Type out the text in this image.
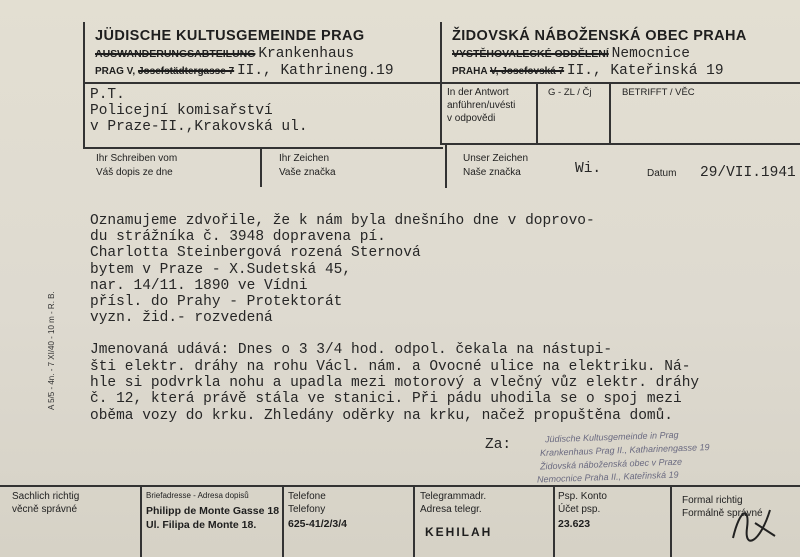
JÜDISCHE KULTUSGEMEINDE PRAG
AUSWANDERUNGSABTEILUNG Krankenhaus
PRAG V, Josefstädtergasse 7 II., Kathrineng.19
ŽIDOVSKÁ NÁBOŽENSKÁ OBEC PRAHA
VYSTĚHOVALECKÉ ODDĚLENÍ Nemocnice
PRAHA V, Josefovská 7 II., Kateřinská 19
P.T.
Policejní komisařství
v Praze-II.,Krakovská ul.
In der Antwort
anführen/uvésti
v odpovědi
G - ZL / Čj	BETRIFFT / VĚC
Ihr Schreiben vom
Váš dopis ze dne
Ihr Zeichen
Vaše značka
Unser Zeichen
Naše značka	Wi.	Datum 29/VII.1941
Oznamujeme zdvořile, že k nám byla dnešního dne v doprovo-
du strážníka č. 3948 dopravena pí.
Charlotta Steinbergová rozená Sternová
bytem v Praze - X.Sudetská 45,
nar. 14/11. 1890 ve Vídni
přísl. do Prahy - Protektorát
vyzn. žid.- rozvedená
Jmenovaná udává: Dnes o 3 3/4 hod. odpol. čekala na nástupi-
šti elektr. dráhy na rohu Václ. nám. a Ovocné ulice na elektriku. Ná-
hle si podvrkla nohu a upadla mezi motorový a vlečný vůz elektr. dráhy
č. 12, která právě stála ve stanici. Při pádu uhodila se o spoj mezi
oběma vozy do krku. Zhledány oděrky na krku, načež propuštěna domů.
Za:	Jüdische Kultusgemeinde in Prag
Krankenhaus Prag II., Katharinengasse 19
Židovská náboženská obec v Praze
Nemocnice Praha II., Kateřinská 19
A 5/5 - 4n. - 7 XI/40 - 10 m - R. B.
Sachlich richtig
věcně správné
Briefadresse - Adresa dopisů
Philipp de Monte Gasse 18
Ul. Filipa de Monte 18.
Telefone
Telefony
625-41/2/3/4
Telegrammadr.
Adresa telegr.
KEHILAH
Psp. Konto
Účet psp.
23.623
Formal richtig
Formálně správné
